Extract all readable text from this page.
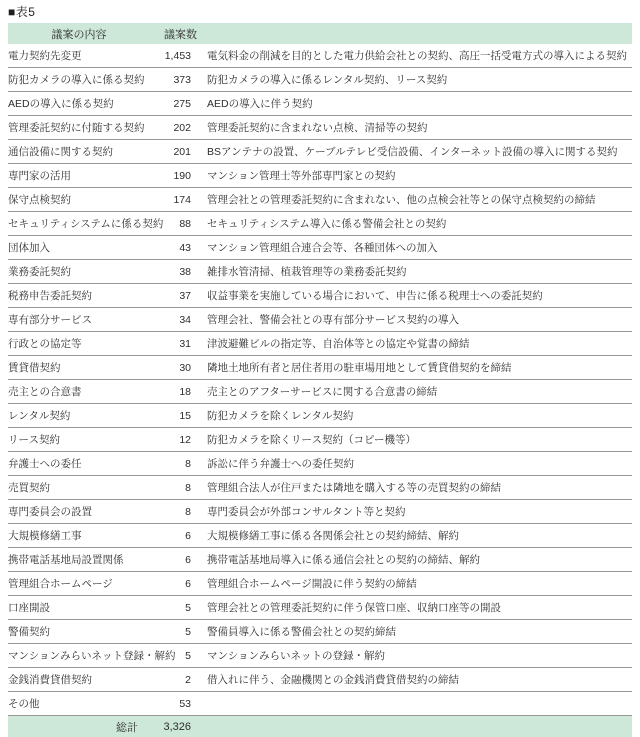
■表5
議案の内容	議案数
電力契約先変更	1,453	電気料金の削減を目的とした電力供給会社との契約、高圧一括受電方式の導入による契約
防犯カメラの導入に係る契約	373	防犯カメラの導入に係るレンタル契約、リース契約
AEDの導入に係る契約	275	AEDの導入に伴う契約
管理委託契約に付随する契約	202	管理委託契約に含まれない点検、清掃等の契約
通信設備に関する契約	201	BSアンテナの設置、ケーブルテレビ受信設備、インターネット設備の導入に関する契約
専門家の活用	190	マンション管理士等外部専門家との契約
保守点検契約	174	管理会社との管理委託契約に含まれない、他の点検会社等との保守点検契約の締結
セキュリティシステムに係る契約	88	セキュリティシステム導入に係る警備会社との契約
団体加入	43	マンション管理組合連合会等、各種団体への加入
業務委託契約	38	雑排水管清掃、植栽管理等の業務委託契約
税務申告委託契約	37	収益事業を実施している場合において、申告に係る税理士への委託契約
専有部分サービス	34	管理会社、警備会社との専有部分サービス契約の導入
行政との協定等	31	津波避難ビルの指定等、自治体等との協定や覚書の締結
賃貸借契約	30	隣地土地所有者と居住者用の駐車場用地として賃貸借契約を締結
売主との合意書	18	売主とのアフターサービスに関する合意書の締結
レンタル契約	15	防犯カメラを除くレンタル契約
リース契約	12	防犯カメラを除くリース契約（コピー機等）
弁護士への委任	8	訴訟に伴う弁護士への委任契約
売買契約	8	管理組合法人が住戸または隣地を購入する等の売買契約の締結
専門委員会の設置	8	専門委員会が外部コンサルタント等と契約
大規模修繕工事	6	大規模修繕工事に係る各関係会社との契約締結、解約
携帯電話基地局設置関係	6	携帯電話基地局導入に係る通信会社との契約の締結、解約
管理組合ホームページ	6	管理組合ホームページ開設に伴う契約の締結
口座開設	5	管理会社との管理委託契約に伴う保管口座、収納口座等の開設
警備契約	5	警備員導入に係る警備会社との契約締結
マンションみらいネット登録・解約 5	マンションみらいネットの登録・解約
金銭消費貸借契約	2	借入れに伴う、金融機関との金銭消費貸借契約の締結
その他	53
総計	3,326
